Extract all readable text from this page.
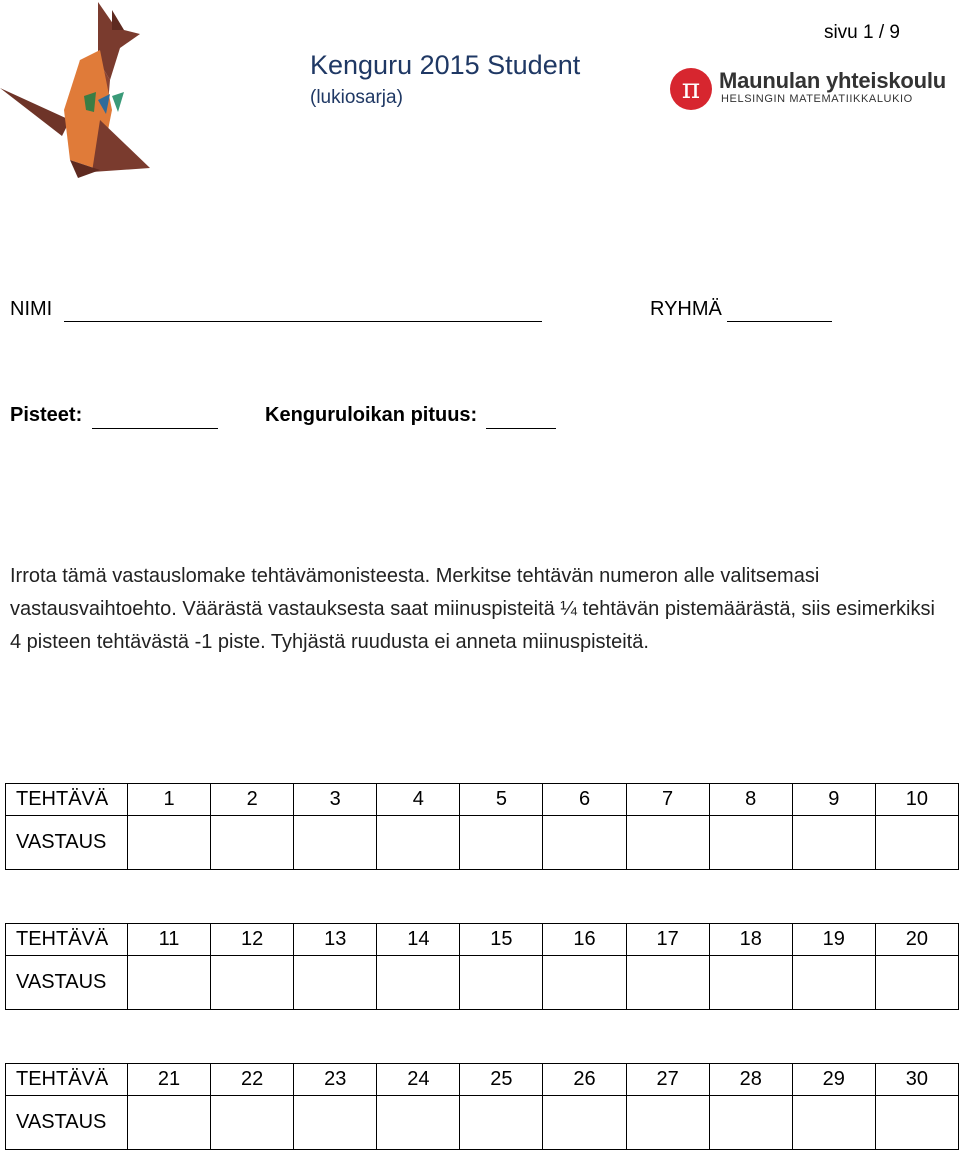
sivu 1 / 9
Kenguru 2015 Student
(lukiosarja)	π Maunulan yhteiskoulu
HELSINGIN MATEMATIIKKALUKIO
NIMI	RYHMÄ
Pisteet:	Kenguruloikan pituus:
Irrota tämä vastauslomake tehtävämonisteesta. Merkitse tehtävän numeron alle valitsemasi vastausvaihtoehto. Väärästä vastauksesta saat miinuspisteitä ¼ tehtävän pistemäärästä, siis esimerkiksi 4 pisteen tehtävästä -1 piste. Tyhjästä ruudusta ei anneta miinuspisteitä.
TEHTÄVÄ	1	2	3	4	5	6	7	8	9	10
VASTAUS										
TEHTÄVÄ	11	12	13	14	15	16	17	18	19	20
VASTAUS										
TEHTÄVÄ	21	22	23	24	25	26	27	28	29	30
VASTAUS										
